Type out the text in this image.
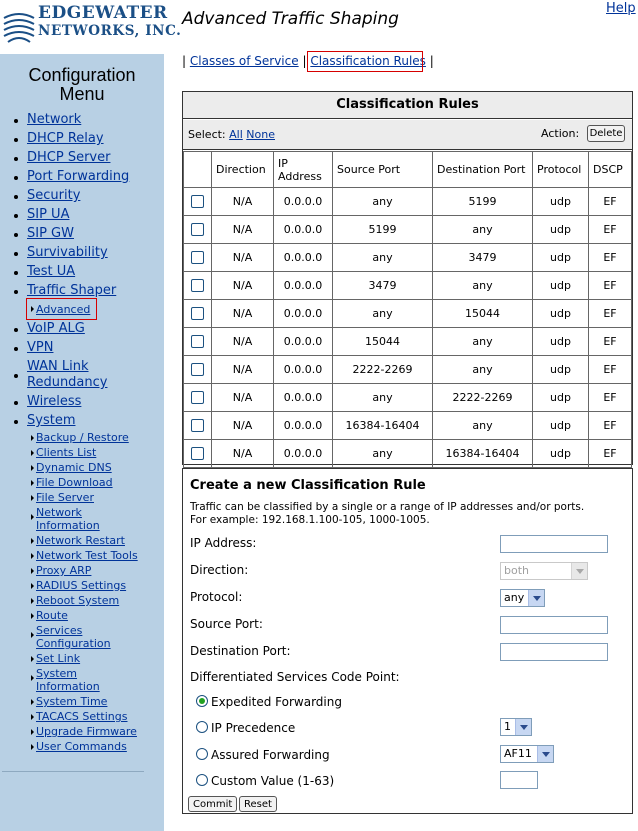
EDGEWATER
NETWORKS, INC.
Configuration
Menu
Network
DHCP Relay
DHCP Server
Port Forwarding
Security
SIP UA
SIP GW
Survivability
Test UA
Traffic Shaper
Advanced
VoIP ALG
VPN
WAN Link
Redundancy
Wireless
System
Backup / Restore
Clients List
Dynamic DNS
File Download
File Server
Network
Information
Network Restart
Network Test Tools
Proxy ARP
RADIUS Settings
Reboot System
Route
Services
Configuration
Set Link
System
Information
System Time
TACACS Settings
Upgrade Firmware
User Commands
Advanced Traffic Shaping
Help
| Classes of Service | Classification Rules |
Classification Rules
Select: All None	Action: Delete
	Direction	IP Address	Source Port	Destination Port	Protocol	DSCP
	N/A	0.0.0.0	any	5199	udp	EF
	N/A	0.0.0.0	5199	any	udp	EF
	N/A	0.0.0.0	any	3479	udp	EF
	N/A	0.0.0.0	3479	any	udp	EF
	N/A	0.0.0.0	any	15044	udp	EF
	N/A	0.0.0.0	15044	any	udp	EF
	N/A	0.0.0.0	2222-2269	any	udp	EF
	N/A	0.0.0.0	any	2222-2269	udp	EF
	N/A	0.0.0.0	16384-16404	any	udp	EF
	N/A	0.0.0.0	any	16384-16404	udp	EF
Create a new Classification Rule
Traffic can be classified by a single or a range of IP addresses and/or ports.
For example: 192.168.1.100-105, 1000-1005.
IP Address:
Direction:	both
Protocol:	any
Source Port:
Destination Port:
Differentiated Services Code Point:
Expedited Forwarding
IP Precedence	1
Assured Forwarding	AF11
Custom Value (1-63)
Commit	Reset
